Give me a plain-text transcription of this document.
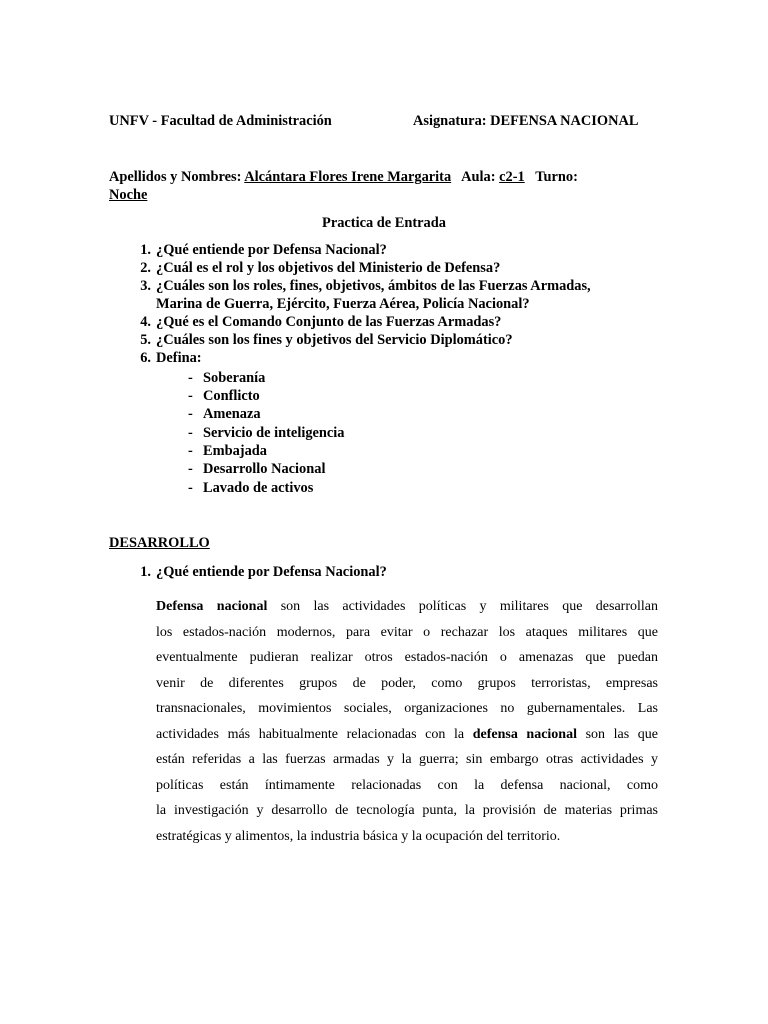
UNFV - Facultad de Administración	Asignatura: DEFENSA NACIONAL
Apellidos y Nombres: Alcántara Flores Irene Margarita Aula: c2-1 Turno:
Noche
Practica de Entrada
1. ¿Qué entiende por Defensa Nacional?
2. ¿Cuál es el rol y los objetivos del Ministerio de Defensa?
3. ¿Cuáles son los roles, fines, objetivos, ámbitos de las Fuerzas Armadas,
Marina de Guerra, Ejército, Fuerza Aérea, Policía Nacional?
4. ¿Qué es el Comando Conjunto de las Fuerzas Armadas?
5. ¿Cuáles son los fines y objetivos del Servicio Diplomático?
6. Defina:
- Soberanía
- Conflicto
- Amenaza
- Servicio de inteligencia
- Embajada
- Desarrollo Nacional
- Lavado de activos
DESARROLLO
1. ¿Qué entiende por Defensa Nacional?
Defensa nacional son las actividades políticas y militares que desarrollan
los estados-nación modernos, para evitar o rechazar los ataques militares que
eventualmente pudieran realizar otros estados-nación o amenazas que puedan
venir de diferentes grupos de poder, como grupos terroristas, empresas
transnacionales, movimientos sociales, organizaciones no gubernamentales. Las
actividades más habitualmente relacionadas con la defensa nacional son las que
están referidas a las fuerzas armadas y la guerra; sin embargo otras actividades y
políticas están íntimamente relacionadas con la defensa nacional, como
la investigación y desarrollo de tecnología punta, la provisión de materias primas
estratégicas y alimentos, la industria básica y la ocupación del territorio.
